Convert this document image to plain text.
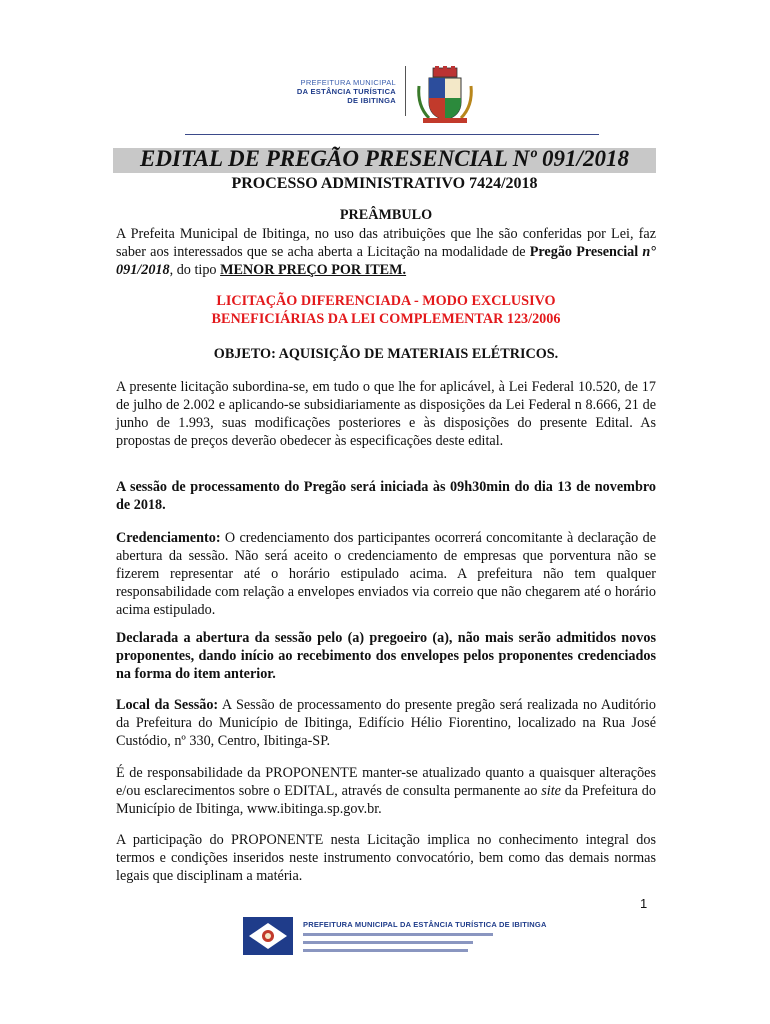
PREFEITURA MUNICIPAL
DA ESTÂNCIA TURÍSTICA
DE IBITINGA
EDITAL DE PREGÃO PRESENCIAL Nº 091/2018
PROCESSO ADMINISTRATIVO 7424/2018
PREÂMBULO
A Prefeita Municipal de Ibitinga, no uso das atribuições que lhe são conferidas por Lei, faz saber aos interessados que se acha aberta a Licitação na modalidade de Pregão Presencial n° 091/2018, do tipo MENOR PREÇO POR ITEM.
LICITAÇÃO DIFERENCIADA - MODO EXCLUSIVO
BENEFICIÁRIAS DA LEI COMPLEMENTAR 123/2006
OBJETO: AQUISIÇÃO DE MATERIAIS ELÉTRICOS.
A presente licitação subordina-se, em tudo o que lhe for aplicável, à Lei Federal 10.520, de 17 de julho de 2.002 e aplicando-se subsidiariamente as disposições da Lei Federal n 8.666, 21 de junho de 1.993, suas modificações posteriores e às disposições do presente Edital. As propostas de preços deverão obedecer às especificações deste edital.
A sessão de processamento do Pregão será iniciada às 09h30min do dia 13 de novembro de 2018.
Credenciamento: O credenciamento dos participantes ocorrerá concomitante à declaração de abertura da sessão. Não será aceito o credenciamento de empresas que porventura não se fizerem representar até o horário estipulado acima. A prefeitura não tem qualquer responsabilidade com relação a envelopes enviados via correio que não chegarem até o horário acima estipulado.
Declarada a abertura da sessão pelo (a) pregoeiro (a), não mais serão admitidos novos proponentes, dando início ao recebimento dos envelopes pelos proponentes credenciados na forma do item anterior.
Local da Sessão: A Sessão de processamento do presente pregão será realizada no Auditório da Prefeitura do Município de Ibitinga, Edifício Hélio Fiorentino, localizado na Rua José Custódio, nº 330, Centro, Ibitinga-SP.
É de responsabilidade da PROPONENTE manter-se atualizado quanto a quaisquer alterações e/ou esclarecimentos sobre o EDITAL, através de consulta permanente ao site da Prefeitura do Município de Ibitinga, www.ibitinga.sp.gov.br.
A participação do PROPONENTE nesta Licitação implica no conhecimento integral dos termos e condições inseridos neste instrumento convocatório, bem como das demais normas legais que disciplinam a matéria.
1
PREFEITURA MUNICIPAL DA ESTÂNCIA TURÍSTICA DE IBITINGA
